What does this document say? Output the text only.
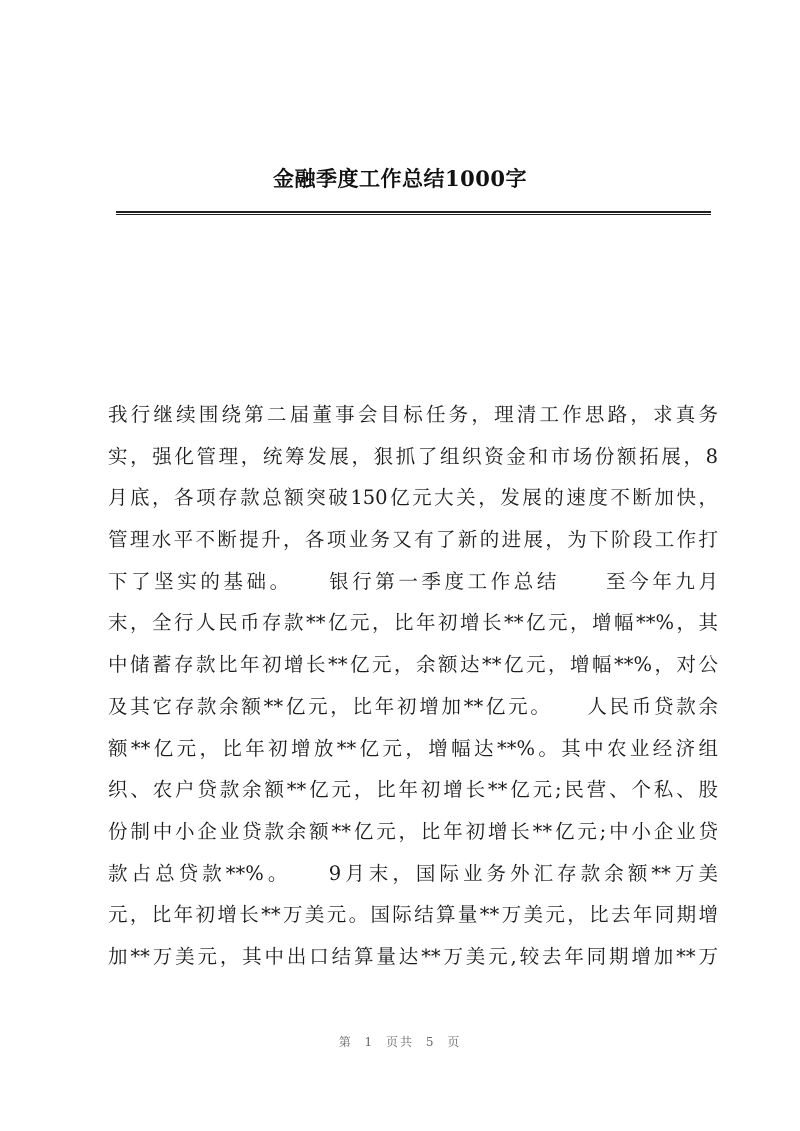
金融季度工作总结1000字
我行继续围绕第二届董事会目标任务，理清工作思路，求真务
实，强化管理，统筹发展，狠抓了组织资金和市场份额拓展，8
月底，各项存款总额突破150亿元大关，发展的速度不断加快，
管理水平不断提升，各项业务又有了新的进展，为下阶段工作打
下了坚实的基础。　　银行第一季度工作总结　　至今年九月
末，全行人民币存款**亿元，比年初增长**亿元，增幅**%，其
中储蓄存款比年初增长**亿元，余额达**亿元，增幅**%，对公
及其它存款余额**亿元，比年初增加**亿元。　　人民币贷款余
额**亿元，比年初增放**亿元，增幅达**%。其中农业经济组
织、农户贷款余额**亿元，比年初增长**亿元;民营、个私、股
份制中小企业贷款余额**亿元，比年初增长**亿元;中小企业贷
款占总贷款**%。　　9月末，国际业务外汇存款余额**万美
元，比年初增长**万美元。国际结算量**万美元，比去年同期增
加**万美元，其中出口结算量达**万美元,较去年同期增加**万
第 1 页共 5 页
